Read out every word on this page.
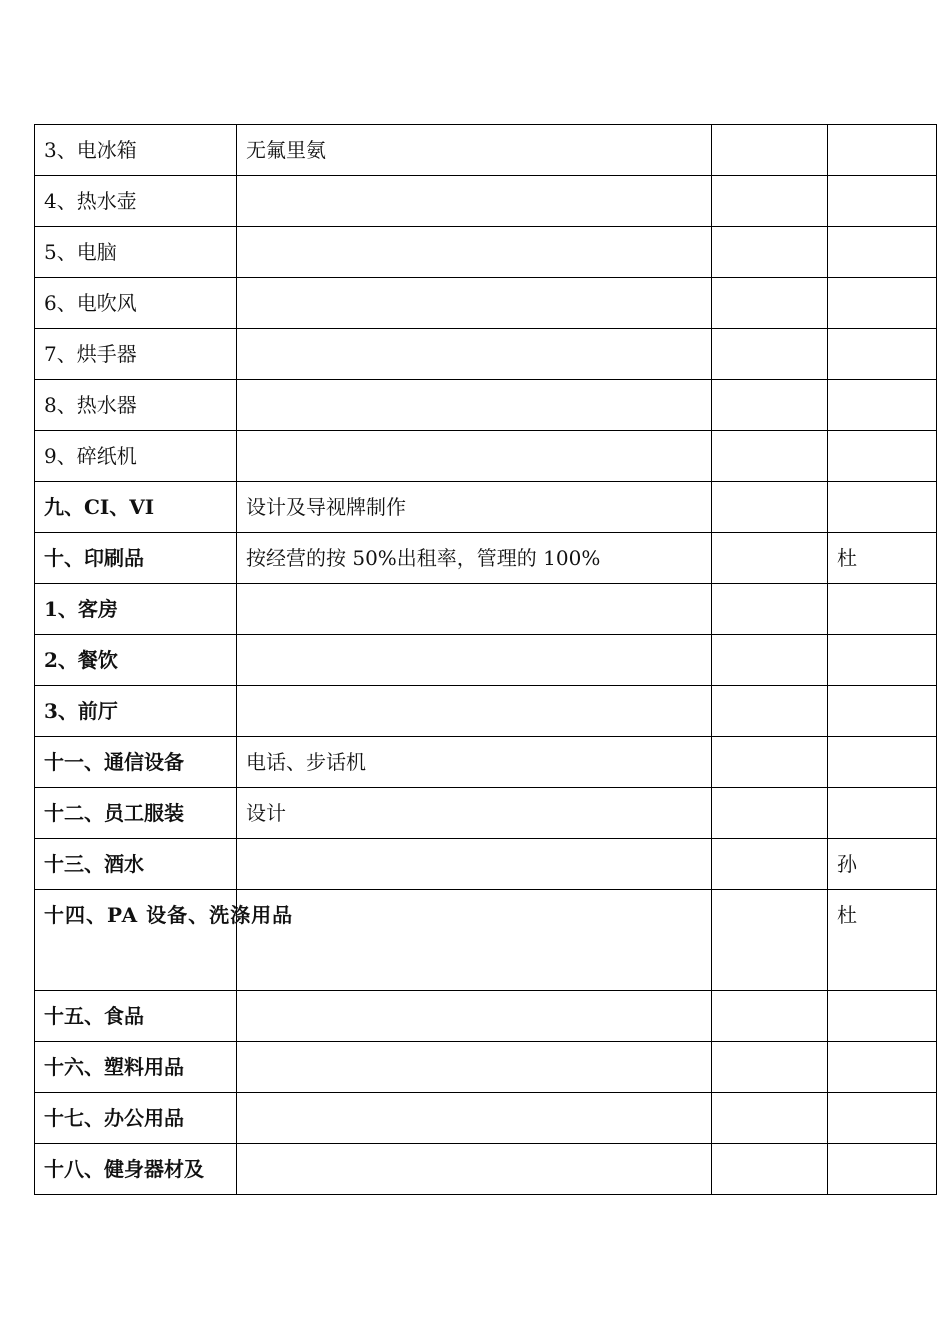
3、电冰箱	无氟里氨		
4、热水壶			
5、电脑			
6、电吹风			
7、烘手器			
8、热水器			
9、碎纸机			
九、CI、VI	设计及导视牌制作		
十、印刷品	按经营的按 50%出租率，管理的 100%		杜
1、客房			
2、餐饮			
3、前厅			
十一、通信设备	电话、步话机		
十二、员工服装	设计		
十三、酒水			孙
十四、PA 设备、洗涤用品			杜
十五、食品			
十六、塑料用品			
十七、办公用品			
十八、健身器材及			
